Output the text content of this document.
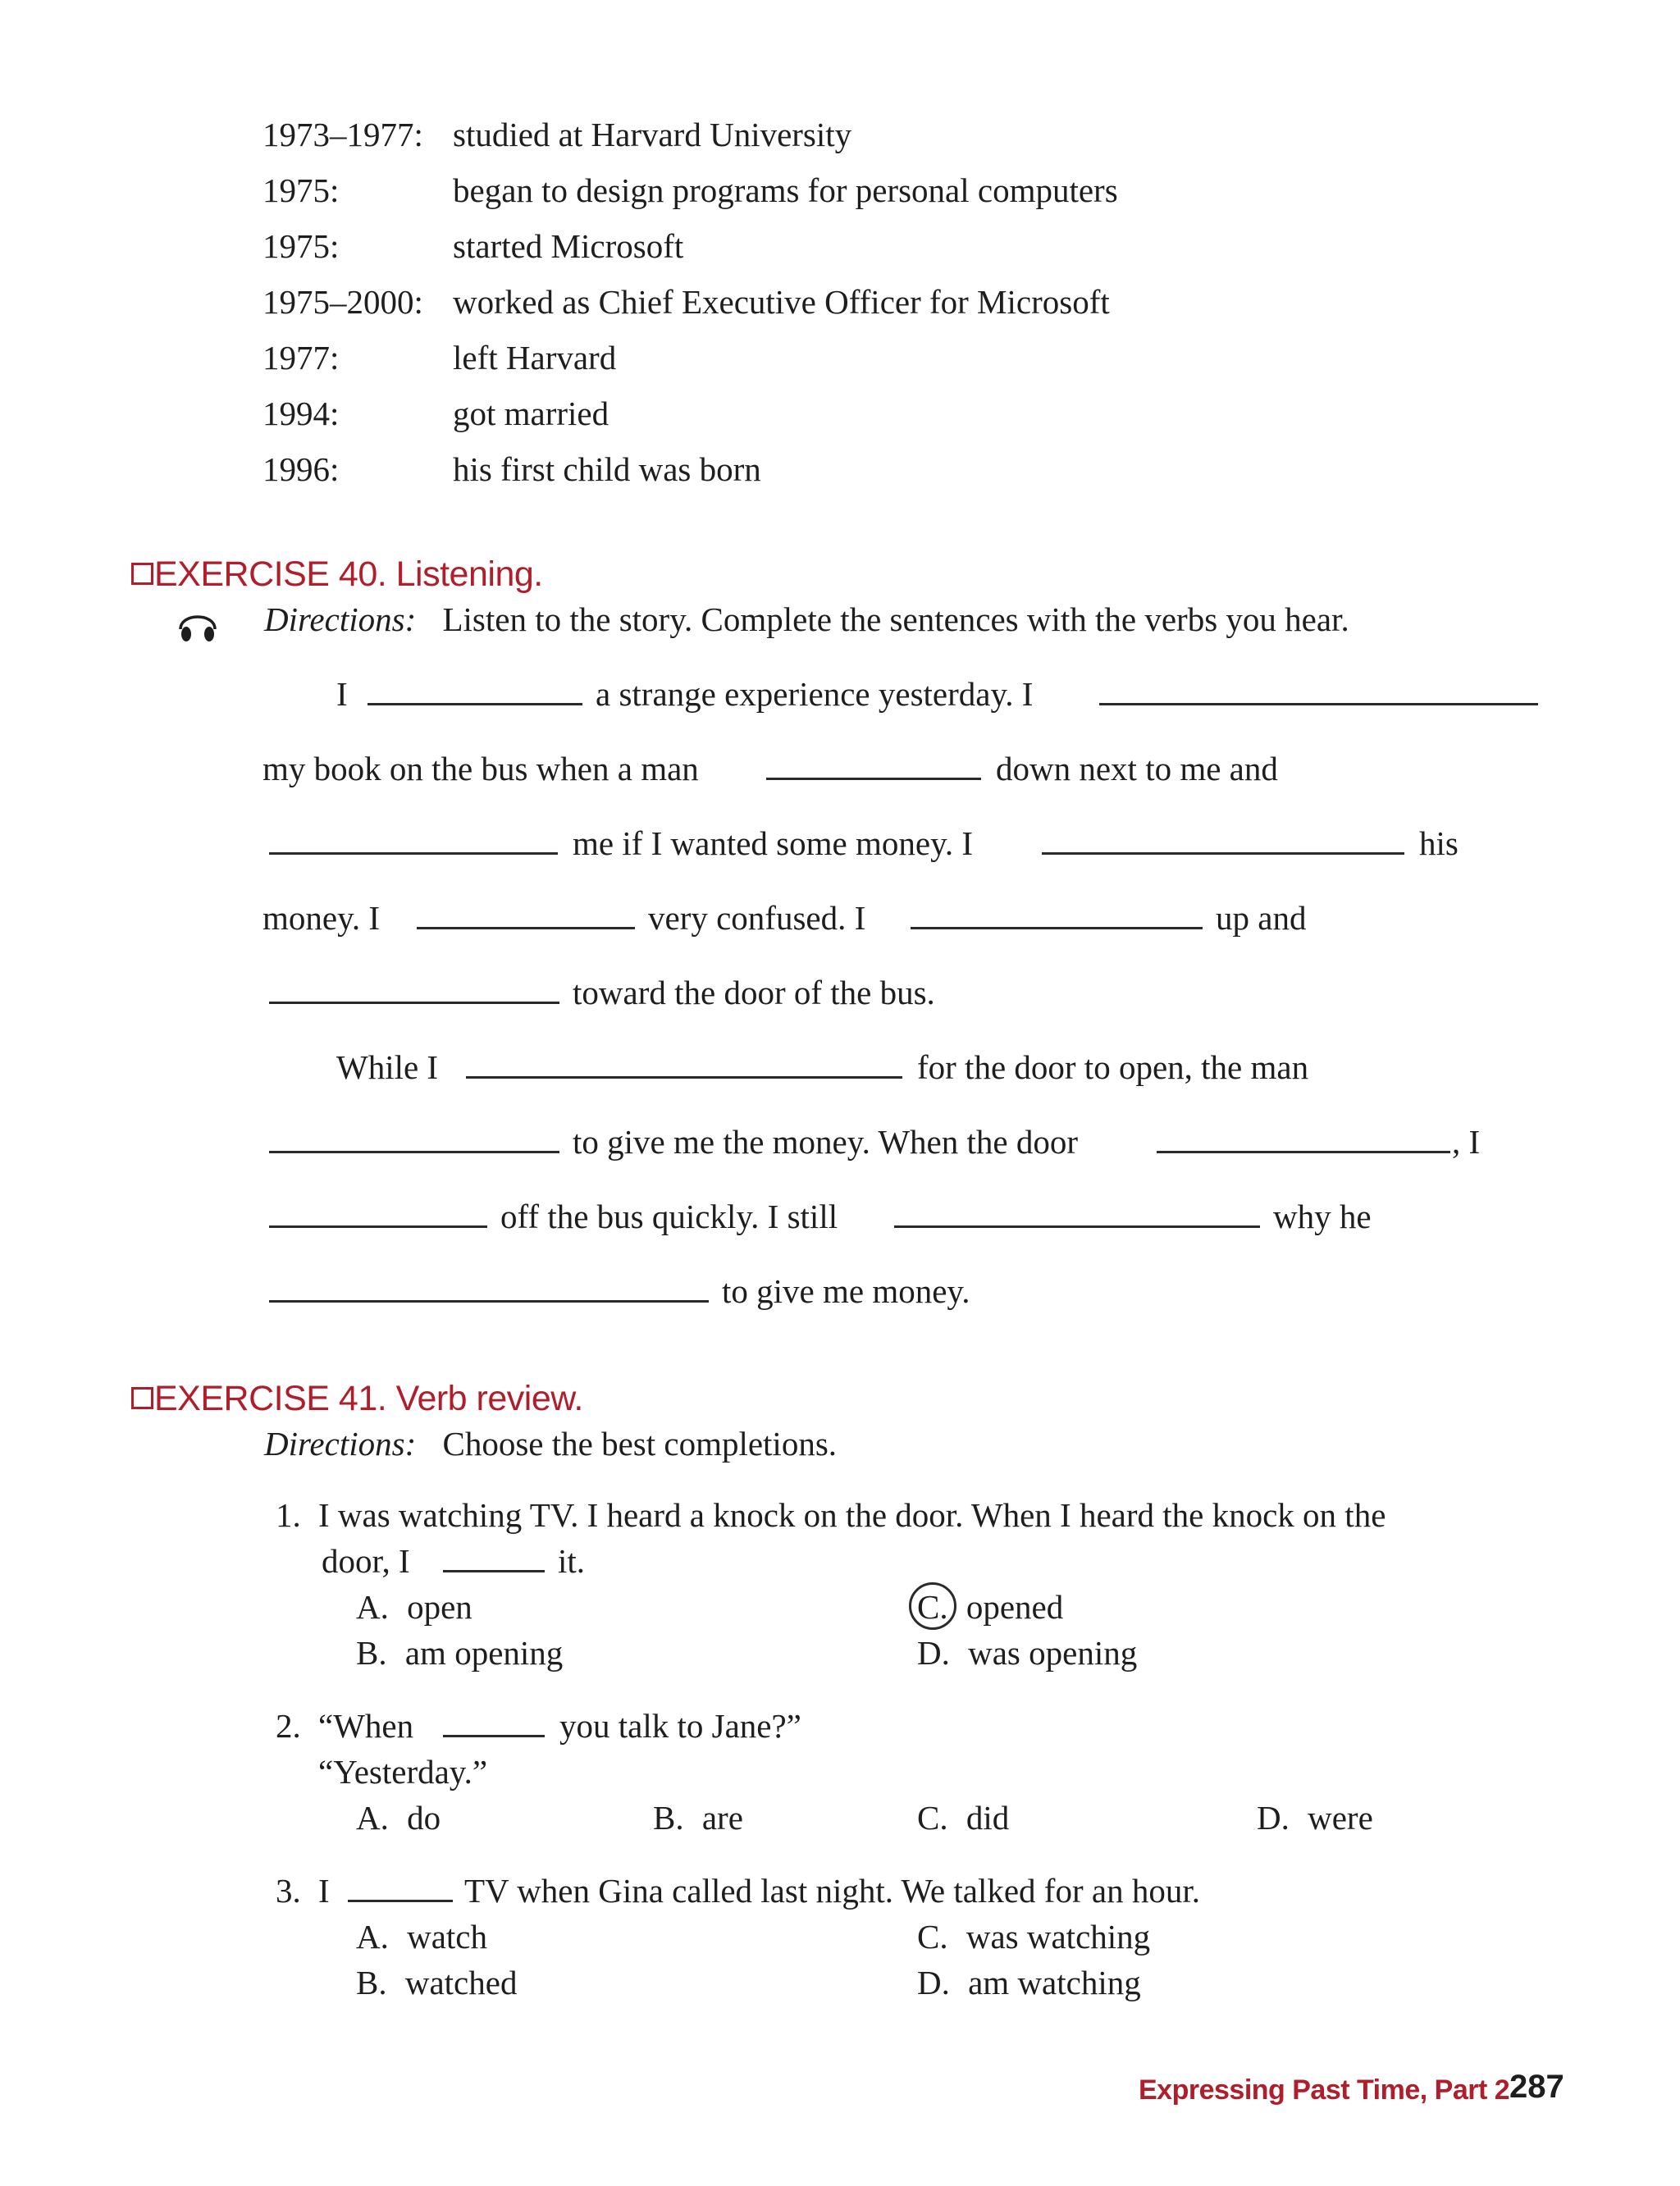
1973–1977: studied at Harvard University
1975:	began to design programs for personal computers
1975:	started Microsoft
1975–2000: worked as Chief Executive Officer for Microsoft
1977:	left Harvard
1994:	got married
1996:	his first child was born
EXERCISE 40. Listening.
Directions: Listen to the story. Complete the sentences with the verbs you hear.
I	a strange experience yesterday. I
my book on the bus when a man	down next to me and
me if I wanted some money. I	his
money. I	very confused. I	up and
toward the door of the bus.
While I	for the door to open, the man
to give me the money. When the door	, I
off the bus quickly. I still	why he
to give me money.
EXERCISE 41. Verb review.
Directions: Choose the best completions.
1. I was watching TV. I heard a knock on the door. When I heard the knock on the
door, I	it.
A. open
B. am opening
C. opened
D. was opening
2. “When	you talk to Jane?”
“Yesterday.”
A. do	B. are	C. did	D. were
3. I	TV when Gina called last night. We talked for an hour.
A. watch
B. watched
C. was watching
D. am watching
Expressing Past Time, Part 2 287
